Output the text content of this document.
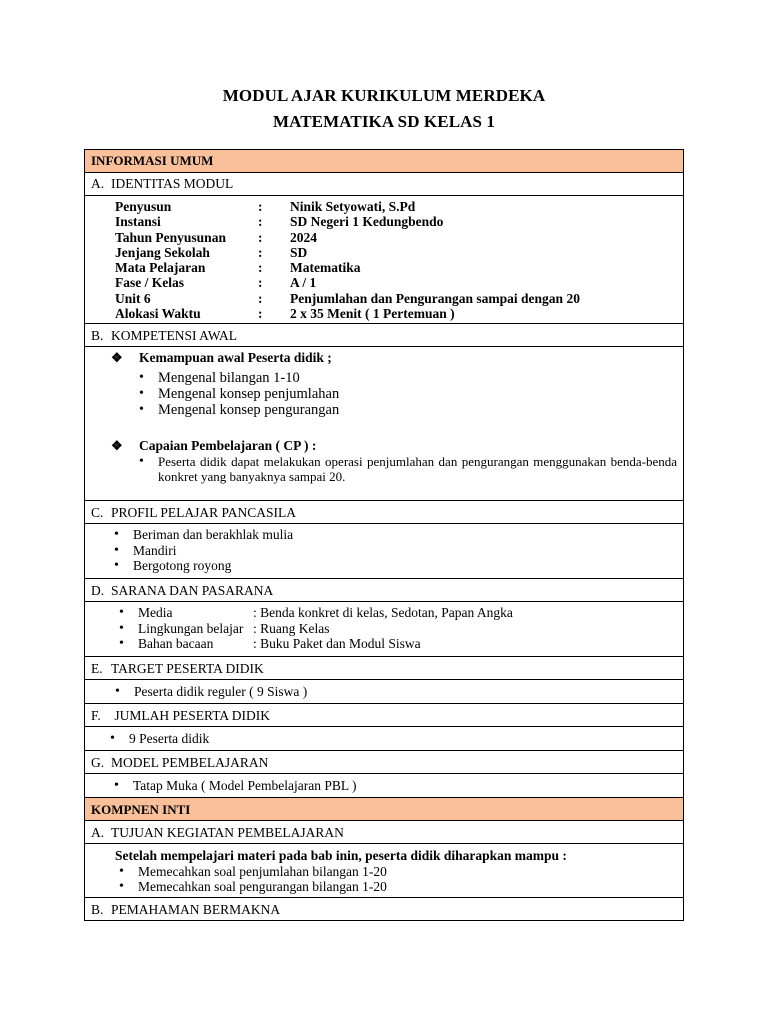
MODUL AJAR KURIKULUM MERDEKA
MATEMATIKA SD KELAS 1
INFORMASI UMUM
A. IDENTITAS MODUL

Penyusun	:	Ninik Setyowati, S.Pd
Instansi	:	SD Negeri 1 Kedungbendo
Tahun Penyusunan	:	2024
Jenjang Sekolah	:	SD
Mata Pelajaran	:	Matematika
Fase / Kelas	:	A / 1
Unit 6	:	Penjumlahan dan Pengurangan sampai dengan 20
Alokasi Waktu	:	2 x 35 Menit ( 1 Pertemuan )

B. KOMPETENSI AWAL

❖ Kemampuan awal Peserta didik ;
• Mengenal bilangan 1-10
• Mengenal konsep penjumlahan
• Mengenal konsep pengurangan
❖ Capaian Pembelajaran ( CP ) :
• Peserta didik dapat melakukan operasi penjumlahan dan pengurangan menggunakan benda-benda konkret yang banyaknya sampai 20.

C. PROFIL PELAJAR PANCASILA

• Beriman dan berakhlak mulia
• Mandiri
• Bergotong royong

D. SARANA DAN PASARANA

• Media	: Benda konkret di kelas, Sedotan, Papan Angka
• Lingkungan belajar : Ruang Kelas
• Bahan bacaan	: Buku Paket dan Modul Siswa

E. TARGET PESERTA DIDIK

• Peserta didik reguler ( 9 Siswa )

F. JUMLAH PESERTA DIDIK

• 9 Peserta didik

G. MODEL PEMBELAJARAN

• Tatap Muka ( Model Pembelajaran PBL )

KOMPNEN INTI
A. TUJUAN KEGIATAN PEMBELAJARAN

Setelah mempelajari materi pada bab inin, peserta didik diharapkan mampu :
• Memecahkan soal penjumlahan bilangan 1-20
• Memecahkan soal pengurangan bilangan 1-20

B. PEMAHAMAN BERMAKNA
